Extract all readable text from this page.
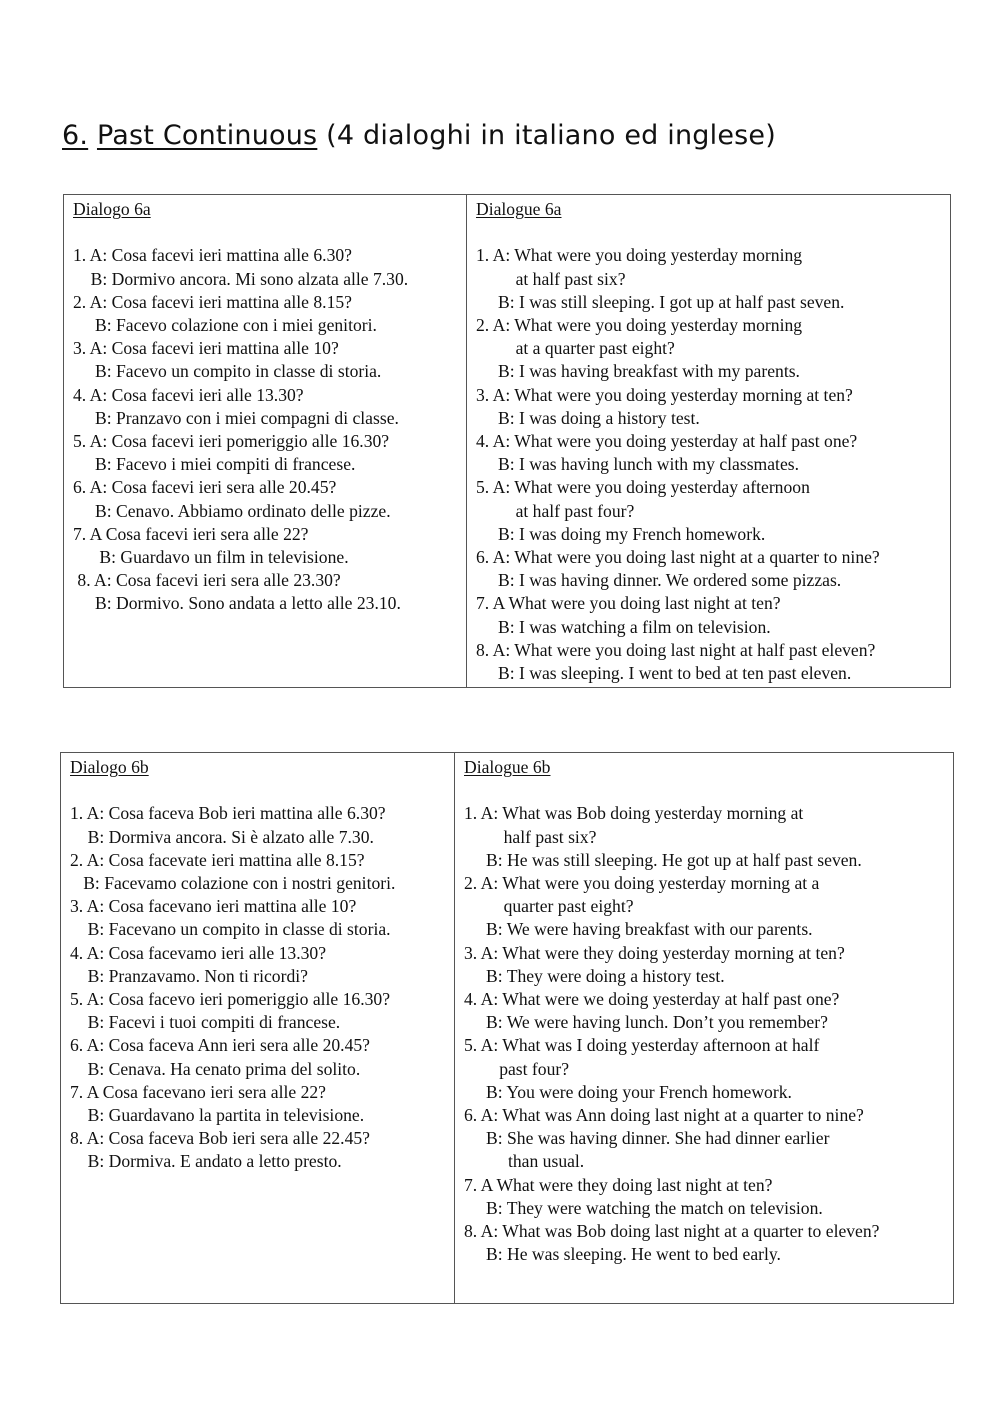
6. Past Continuous (4 dialoghi in italiano ed inglese)
Dialogo 6a
1. A: Cosa facevi ieri mattina alle 6.30?
B: Dormivo ancora. Mi sono alzata alle 7.30.
2. A: Cosa facevi ieri mattina alle 8.15?
B: Facevo colazione con i miei genitori.
3. A: Cosa facevi ieri mattina alle 10?
B: Facevo un compito in classe di storia.
4. A: Cosa facevi ieri alle 13.30?
B: Pranzavo con i miei compagni di classe.
5. A: Cosa facevi ieri pomeriggio alle 16.30?
B: Facevo i miei compiti di francese.
6. A: Cosa facevi ieri sera alle 20.45?
B: Cenavo. Abbiamo ordinato delle pizze.
7. A Cosa facevi ieri sera alle 22?
B: Guardavo un film in televisione.
8. A: Cosa facevi ieri sera alle 23.30?
B: Dormivo. Sono andata a letto alle 23.10.
Dialogue 6a
1. A: What were you doing yesterday morning
at half past six?
B: I was still sleeping. I got up at half past seven.
2. A: What were you doing yesterday morning
at a quarter past eight?
B: I was having breakfast with my parents.
3. A: What were you doing yesterday morning at ten?
B: I was doing a history test.
4. A: What were you doing yesterday at half past one?
B: I was having lunch with my classmates.
5. A: What were you doing yesterday afternoon
at half past four?
B: I was doing my French homework.
6. A: What were you doing last night at a quarter to nine?
B: I was having dinner. We ordered some pizzas.
7. A What were you doing last night at ten?
B: I was watching a film on television.
8. A: What were you doing last night at half past eleven?
B: I was sleeping. I went to bed at ten past eleven.
Dialogo 6b
1. A: Cosa faceva Bob ieri mattina alle 6.30?
B: Dormiva ancora. Si è alzato alle 7.30.
2. A: Cosa facevate ieri mattina alle 8.15?
B: Facevamo colazione con i nostri genitori.
3. A: Cosa facevano ieri mattina alle 10?
B: Facevano un compito in classe di storia.
4. A: Cosa facevamo ieri alle 13.30?
B: Pranzavamo. Non ti ricordi?
5. A: Cosa facevo ieri pomeriggio alle 16.30?
B: Facevi i tuoi compiti di francese.
6. A: Cosa faceva Ann ieri sera alle 20.45?
B: Cenava. Ha cenato prima del solito.
7. A Cosa facevano ieri sera alle 22?
B: Guardavano la partita in televisione.
8. A: Cosa faceva Bob ieri sera alle 22.45?
B: Dormiva. E andato a letto presto.
Dialogue 6b
1. A: What was Bob doing yesterday morning at
half past six?
B: He was still sleeping. He got up at half past seven.
2. A: What were you doing yesterday morning at a
quarter past eight?
B: We were having breakfast with our parents.
3. A: What were they doing yesterday morning at ten?
B: They were doing a history test.
4. A: What were we doing yesterday at half past one?
B: We were having lunch. Don’t you remember?
5. A: What was I doing yesterday afternoon at half
past four?
B: You were doing your French homework.
6. A: What was Ann doing last night at a quarter to nine?
B: She was having dinner. She had dinner earlier
than usual.
7. A What were they doing last night at ten?
B: They were watching the match on television.
8. A: What was Bob doing last night at a quarter to eleven?
B: He was sleeping. He went to bed early.
